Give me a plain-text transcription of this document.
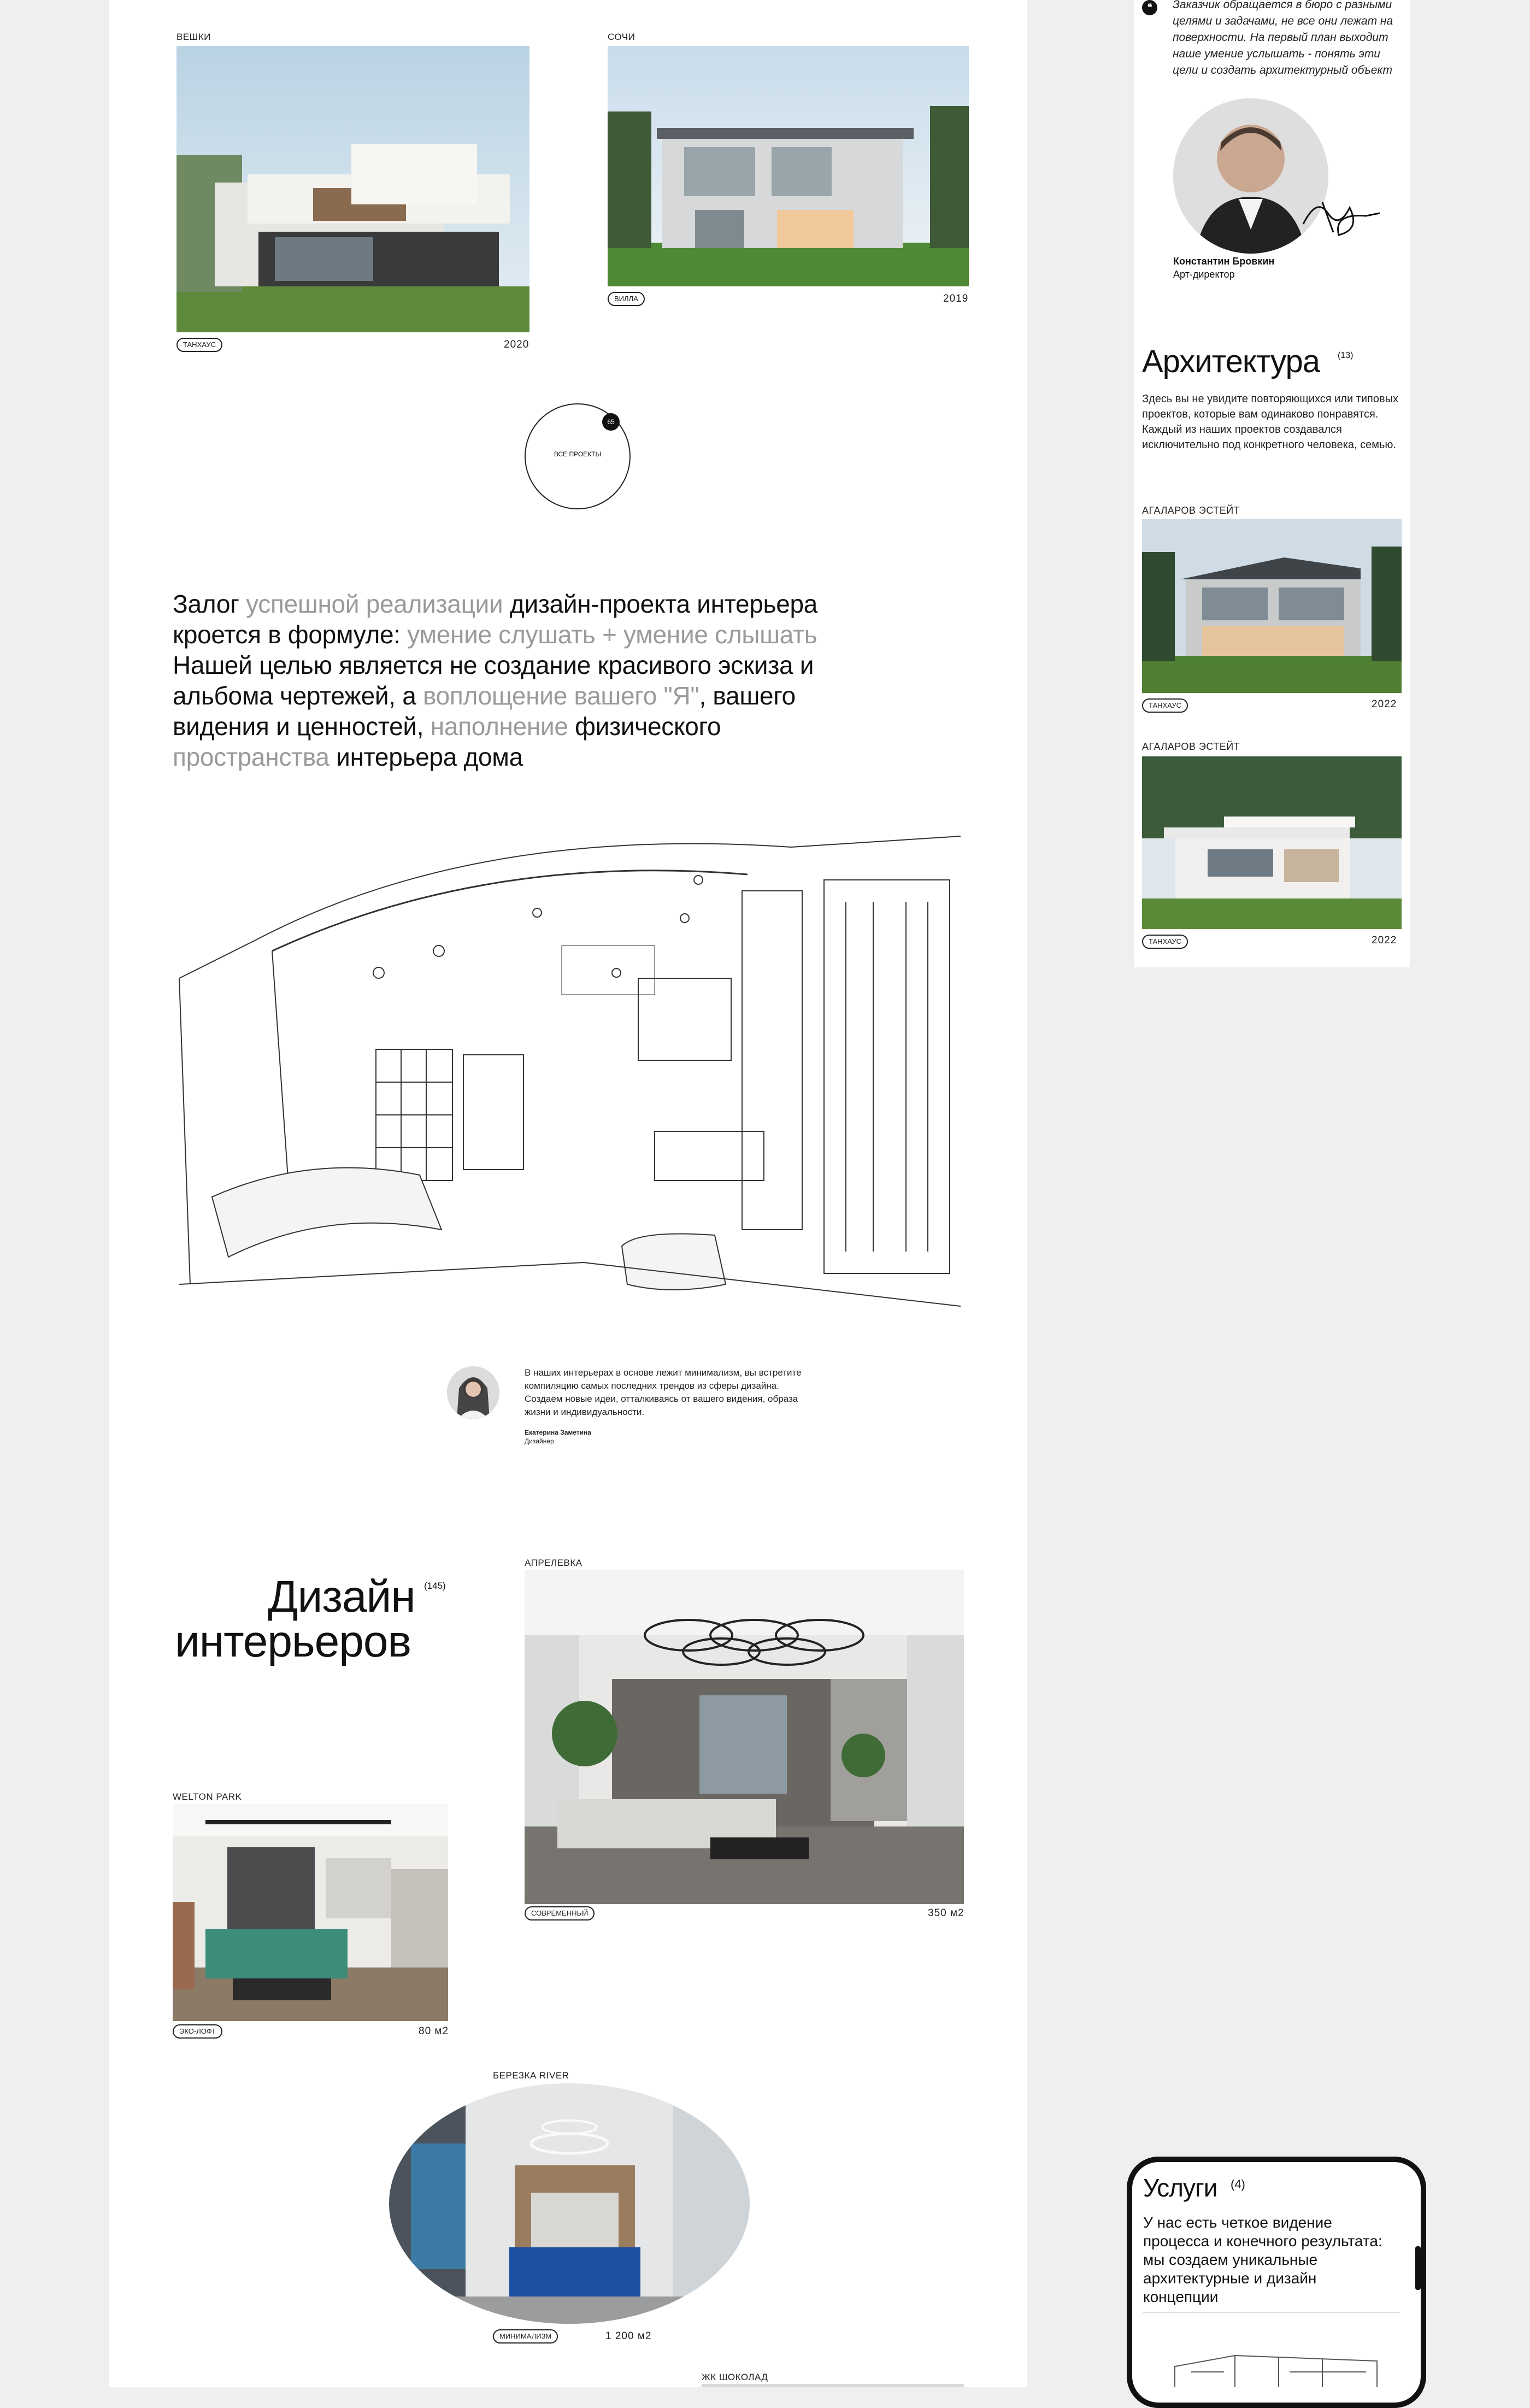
ВЕШКИ
ТАНХАУС	2020
СОЧИ
ВИЛЛА	2019
ВСЕ ПРОЕКТЫ
65
Залог успешной реализации дизайн-проекта интерьера
кроется в формуле: умение слушать + умение слышать
Нашей целью является не создание красивого эскиза и
альбома чертежей, а воплощение вашего "Я", вашего
видения и ценностей, наполнение физического
пространства интерьера дома
В наших интерьерах в основе лежит минимализм, вы встретите компиляцию самых последних трендов из сферы дизайна. Создаем новые идеи, отталкиваясь от вашего видения, образа жизни и индивидуальности.
Екатерина Заметина
Дизайнер
Дизайн (145)
интерьеров
АПРЕЛЕВКА
СОВРЕМЕННЫЙ	350 м2
WELTON PARK
ЭКО-ЛОФТ	80 м2
БЕРЕЗКА RIVER
МИНИМАЛИЗМ	1 200 м2
ЖК ШОКОЛАД
❝	Заказчик обращается в бюро с разными целями и задачами, не все они лежат на поверхности. На первый план выходит наше умение услышать - понять эти цели и создать архитектурный объект
Константин Бровкин
Арт-директор
Архитектура (13)
Здесь вы не увидите повторяющихся или типовых проектов, которые вам одинаково понравятся. Каждый из наших проектов создавался исключительно под конкретного человека, семью.
АГАЛАРОВ ЭСТЕЙТ
ТАНХАУС	2022
АГАЛАРОВ ЭСТЕЙТ
ТАНХАУС	2022
Услуги (4)
У нас есть четкое видение процесса и конечного результата: мы создаем уникальные архитектурные и дизайн концепции
